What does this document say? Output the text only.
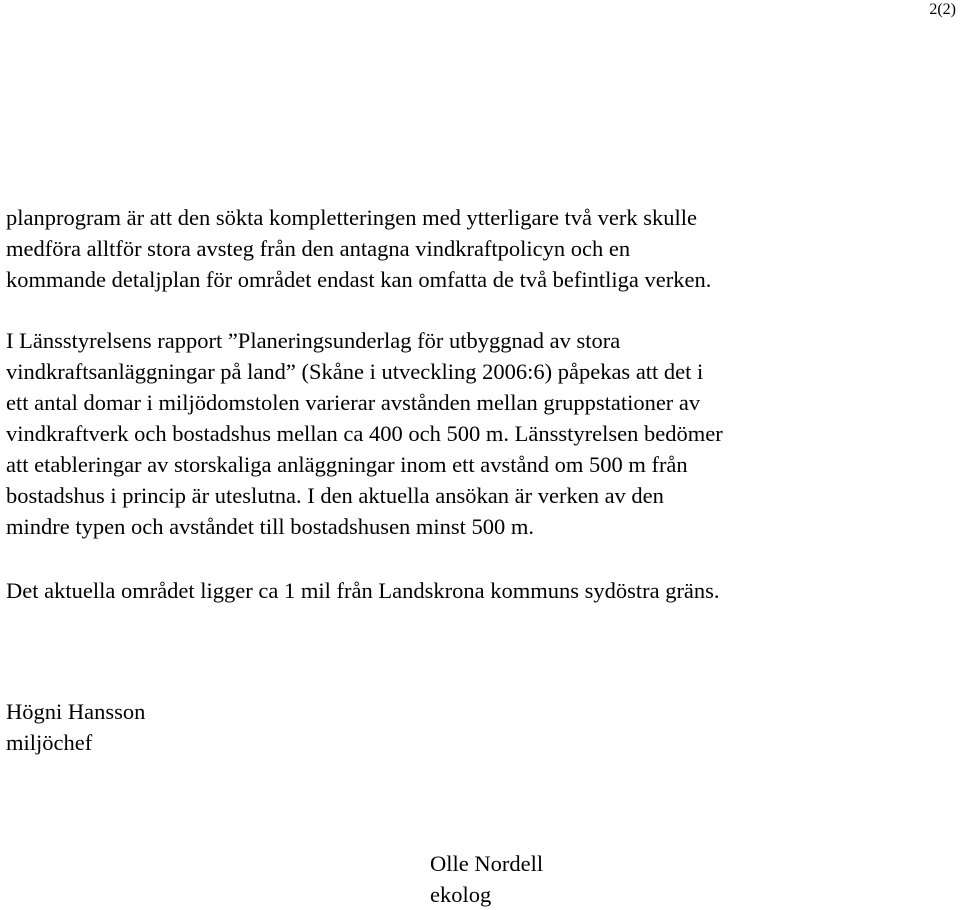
2(2)
planprogram är att den sökta kompletteringen med ytterligare två verk skulle
medföra alltför stora avsteg från den antagna vindkraftpolicyn och en
kommande detaljplan för området endast kan omfatta de två befintliga verken.
I Länsstyrelsens rapport ”Planeringsunderlag för utbyggnad av stora
vindkraftsanläggningar på land” (Skåne i utveckling 2006:6) påpekas att det i
ett antal domar i miljödomstolen varierar avstånden mellan gruppstationer av
vindkraftverk och bostadshus mellan ca 400 och 500 m. Länsstyrelsen bedömer
att etableringar av storskaliga anläggningar inom ett avstånd om 500 m från
bostadshus i princip är uteslutna. I den aktuella ansökan är verken av den
mindre typen och avståndet till bostadshusen minst 500 m.
Det aktuella området ligger ca 1 mil från Landskrona kommuns sydöstra gräns.
Högni Hansson
miljöchef
Olle Nordell
ekolog
